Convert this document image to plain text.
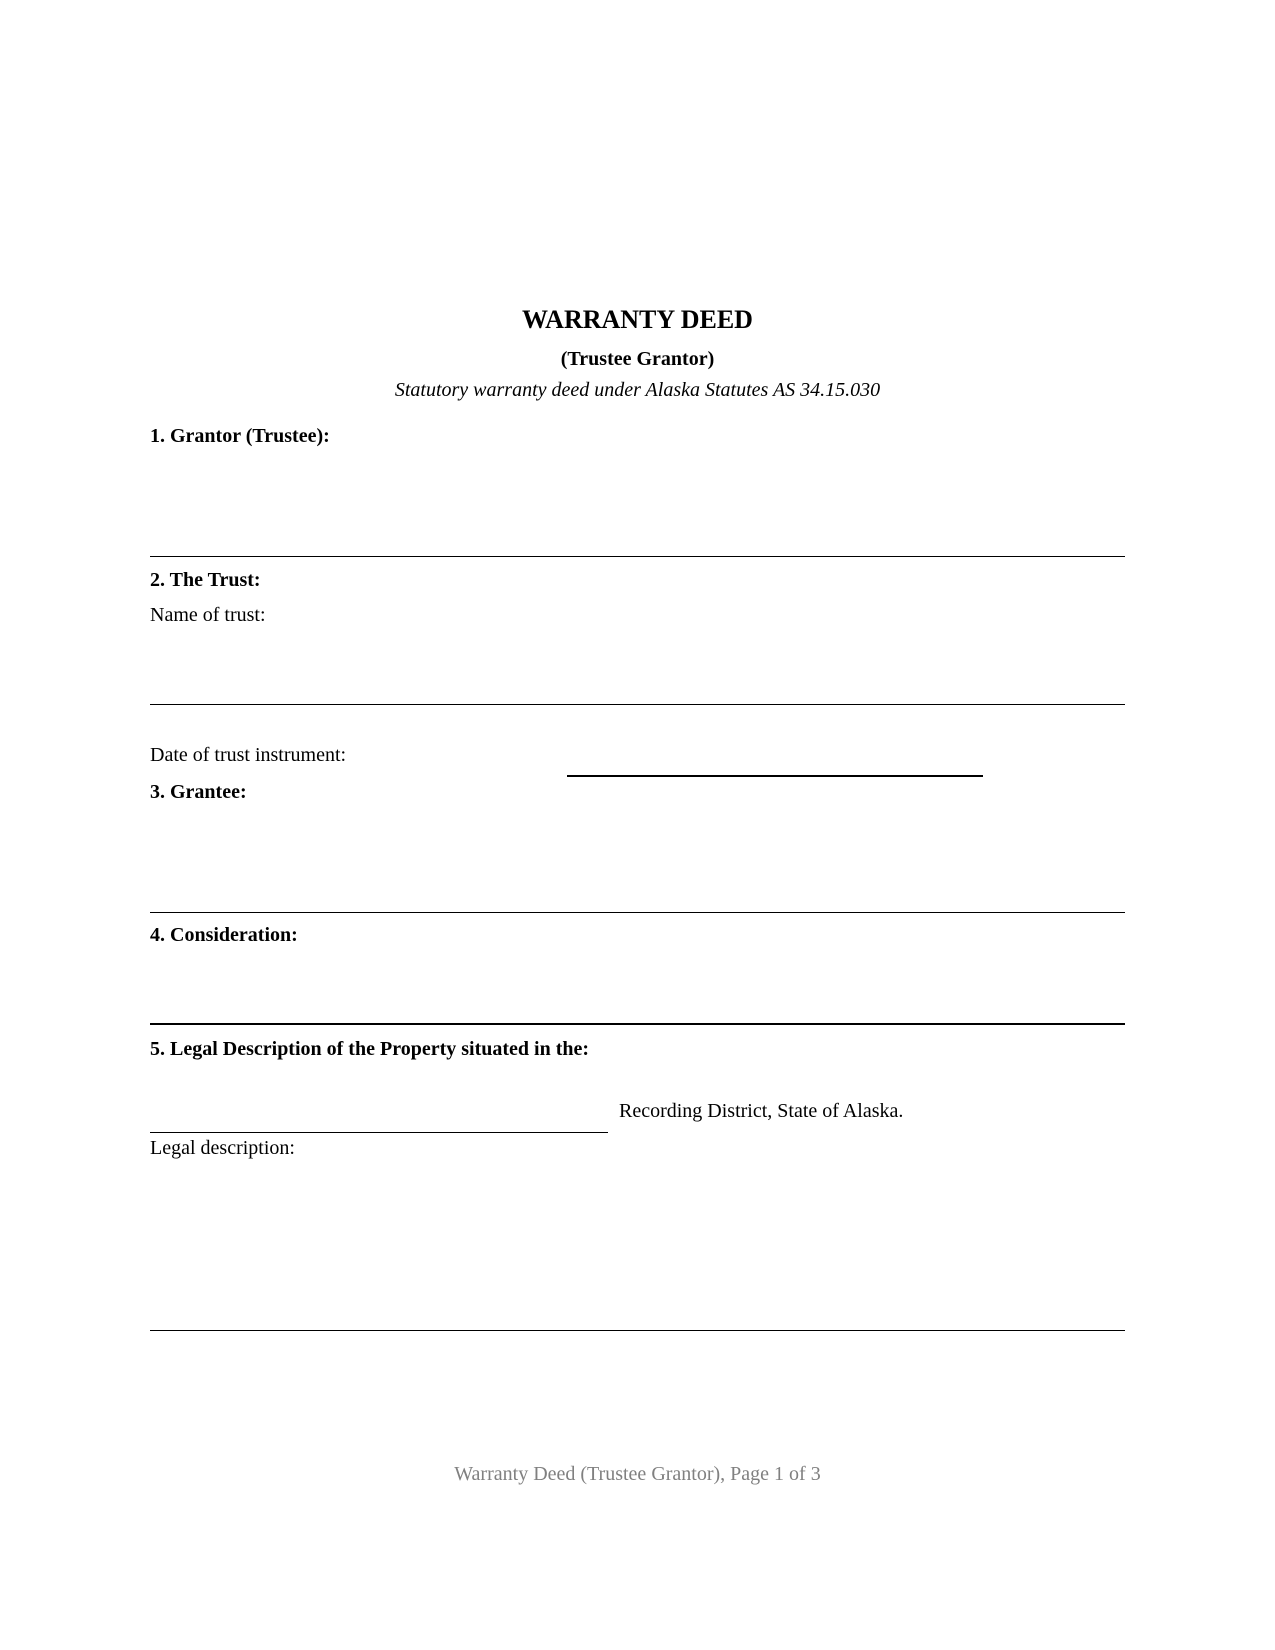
WARRANTY DEED
(Trustee Grantor)
Statutory warranty deed under Alaska Statutes AS 34.15.030
1. Grantor (Trustee):
2. The Trust:
Name of trust:
Date of trust instrument:
3. Grantee:
4. Consideration:
5. Legal Description of the Property situated in the:
Recording District, State of Alaska.
Legal description:
Warranty Deed (Trustee Grantor), Page 1 of 3
